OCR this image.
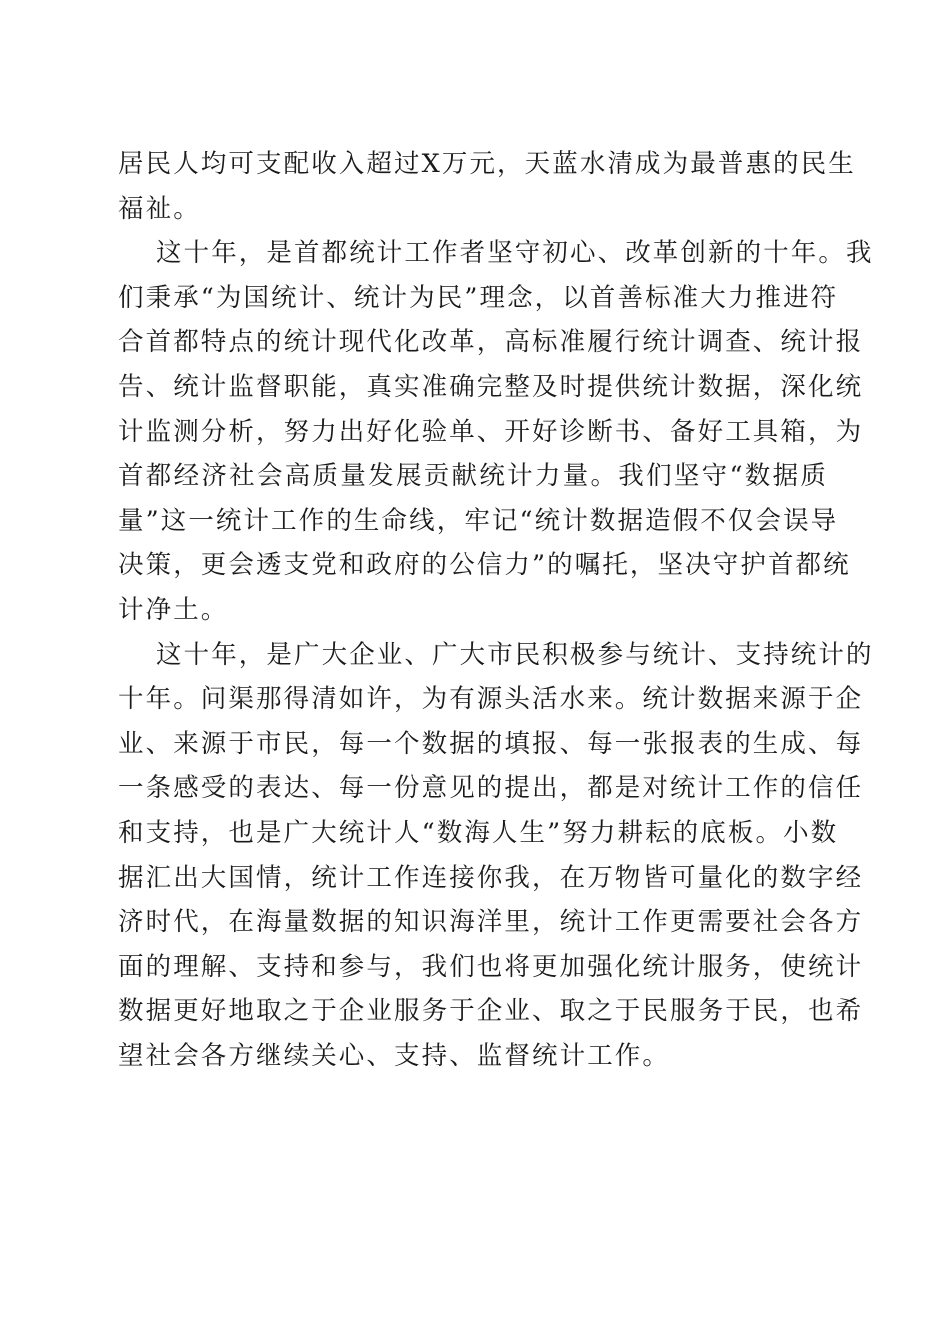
居民人均可支配收入超过X万元，天蓝水清成为最普惠的民生
福祉。
这十年，是首都统计工作者坚守初心、改革创新的十年。我
们秉承“为国统计、统计为民”理念，以首善标准大力推进符
合首都特点的统计现代化改革，高标准履行统计调查、统计报
告、统计监督职能，真实准确完整及时提供统计数据，深化统
计监测分析，努力出好化验单、开好诊断书、备好工具箱，为
首都经济社会高质量发展贡献统计力量。我们坚守“数据质
量”这一统计工作的生命线，牢记“统计数据造假不仅会误导
决策，更会透支党和政府的公信力”的嘱托，坚决守护首都统
计净土。
这十年，是广大企业、广大市民积极参与统计、支持统计的
十年。问渠那得清如许，为有源头活水来。统计数据来源于企
业、来源于市民，每一个数据的填报、每一张报表的生成、每
一条感受的表达、每一份意见的提出，都是对统计工作的信任
和支持，也是广大统计人“数海人生”努力耕耘的底板。小数
据汇出大国情，统计工作连接你我，在万物皆可量化的数字经
济时代，在海量数据的知识海洋里，统计工作更需要社会各方
面的理解、支持和参与，我们也将更加强化统计服务，使统计
数据更好地取之于企业服务于企业、取之于民服务于民，也希
望社会各方继续关心、支持、监督统计工作。
